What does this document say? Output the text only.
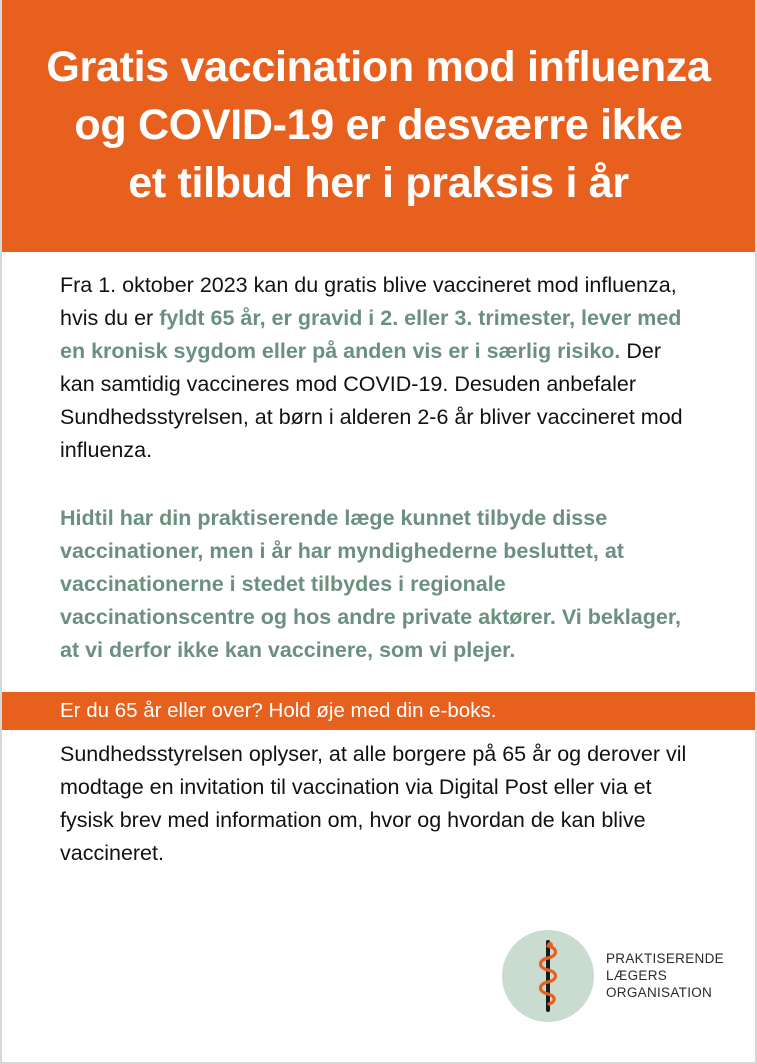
Gratis vaccination mod influenza
og COVID-19 er desværre ikke
et tilbud her i praksis i år

Fra 1. oktober 2023 kan du gratis blive vaccineret mod influenza, hvis du er fyldt 65 år, er gravid i 2. eller 3. trimester, lever med en kronisk sygdom eller på anden vis er i særlig risiko. Der kan samtidig vaccineres mod COVID-19. Desuden anbefaler Sundhedsstyrelsen, at børn i alderen 2-6 år bliver vaccineret mod influenza.

Hidtil har din praktiserende læge kunnet tilbyde disse vaccinationer, men i år har myndighederne besluttet, at vaccinationerne i stedet tilbydes i regionale vaccinationscentre og hos andre private aktører. Vi beklager, at vi derfor ikke kan vaccinere, som vi plejer.

Er du 65 år eller over? Hold øje med din e-boks.

Sundhedsstyrelsen oplyser, at alle borgere på 65 år og derover vil modtage en invitation til vaccination via Digital Post eller via et fysisk brev med information om, hvor og hvordan de kan blive vaccineret.

PRAKTISERENDE
LÆGERS
ORGANISATION
